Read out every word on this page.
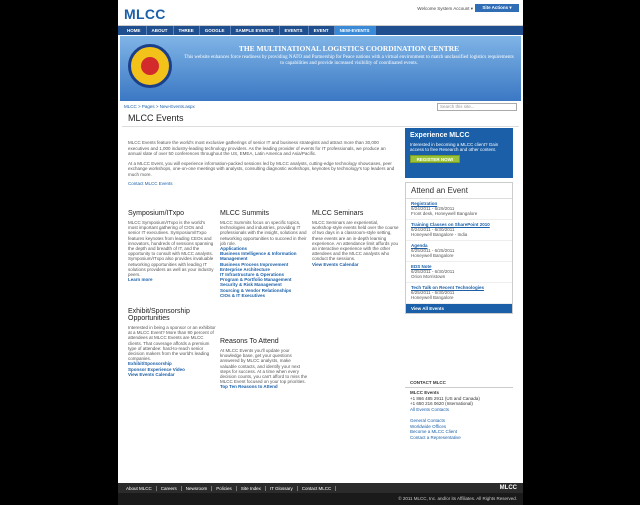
MLCC	Welcome System Account ▾	Site Actions ▾
HOME	ABOUT	THREE	GOOGLE	SAMPLE EVENTS	EVENTS	EVENT	NEW-EVENTS
THE MULTINATIONAL LOGISTICS COORDINATION CENTRE
This website enhances force readiness by providing NATO and Partnership for Peace nations with a virtual environment to match unclassified logistics requirements to capabilities and provide increased visibility of coordinated events.
MLCC > Pages > New-Events.aspx	Search this site...
MLCC Events

MLCC Events feature the world's most exclusive gatherings of senior IT and business strategists and attract more than 30,000 executives and 1,000 industry-leading technology providers. As the leading provider of events for IT professionals, we produce an annual slate of over 50 conferences throughout the US, EMEA, Latin America and Asia/Pacific.

At a MLCC Event, you will experience information-packed sessions led by MLCC analysts, cutting-edge technology showcases, peer exchange workshops, one-on-one meetings with analysts, consulting diagnostic workshops, keynotes by technology's top leaders and much more.

Contact MLCC Events

Symposium/ITxpo

MLCC Symposium/ITxpo is the world's most important gathering of CIOs and senior IT executives. Symposium/ITxpo features keynotes from leading CEOs and innovators, hundreds of sessions spanning the depth and breadth of IT, and the opportunity to consult with MLCC analysts. Symposium/ITxpo also provides invaluable networking opportunities with leading IT solutions providers as well as your industry peers.

Learn more
MLCC Summits

MLCC Summits focus on specific topics, technologies and industries, providing IT professionals with the insight, solutions and networking opportunities to succeed in their job role.

Applications
Business Intelligence & Information Management
Business Process Improvement
Enterprise Architecture
IT Infrastructure & Operations
Program & Portfolio Management
Security & Risk Management
Sourcing & Vendor Relationships
CIOs & IT Executives
MLCC Seminars

MLCC Seminars are experiential, workshop-style events held over the course of two days in a classroom-style setting, these events are an in-depth learning experience. An attendance limit affords you an interactive experience with the other attendees and the MLCC analysts who conduct the sessions.

View Events Calendar
Exhibit/Sponsorship Opportunities

Interested in being a sponsor or an exhibitor at a MLCC Event? More than 90 percent of attendees at MLCC Events are MLCC clients. That coverage affords a premium type of attendee: hard-to-reach senior decision makers from the world's leading companies.

Exhibit/Sponsorship
Sponsor Experience Video
View Events Calendar
Reasons To Attend

At MLCC Events you'll update your knowledge base, get your questions answered by MLCC analysts, make valuable contacts, and identify your next steps for success. At a time when every decision counts, you can't afford to miss the MLCC Event focused on your top priorities.

Top Ten Reasons to Attend
Experience MLCC

Interested in becoming a MLCC client? Gain access to free Research and other content.

REGISTER NOW!
Attend an Event
Registration
6/24/2011 - 6/29/2011
Front desk, Honeywell Bangalore
Training Classes on SharePoint 2010
6/24/2011 - 6/30/2011
Honeywell Bangalore - India
Agenda
6/25/2011 - 6/25/2011
Honeywell Bangalore
EDS Note
6/25/2011 - 6/30/2011
Orion Morristown
Tech Talk on Recent Technologies
6/25/2011 - 6/30/2011
Honeywell Bangalore
View All Events
CONTACT MLCC
MLCC Events
+1 866 485 2911 (US and Canada)
+1 650 216 0620 (International)
All Events Contacts
General Contacts
Worldwide Offices
Become a MLCC Client
Contact a Representative
About MLCC	Careers	Newsroom	Policies	Site Index	IT Glossary	Contact MLCC	MLCC
© 2011 MLCC, Inc. and/or its Affiliates. All Rights Reserved.
